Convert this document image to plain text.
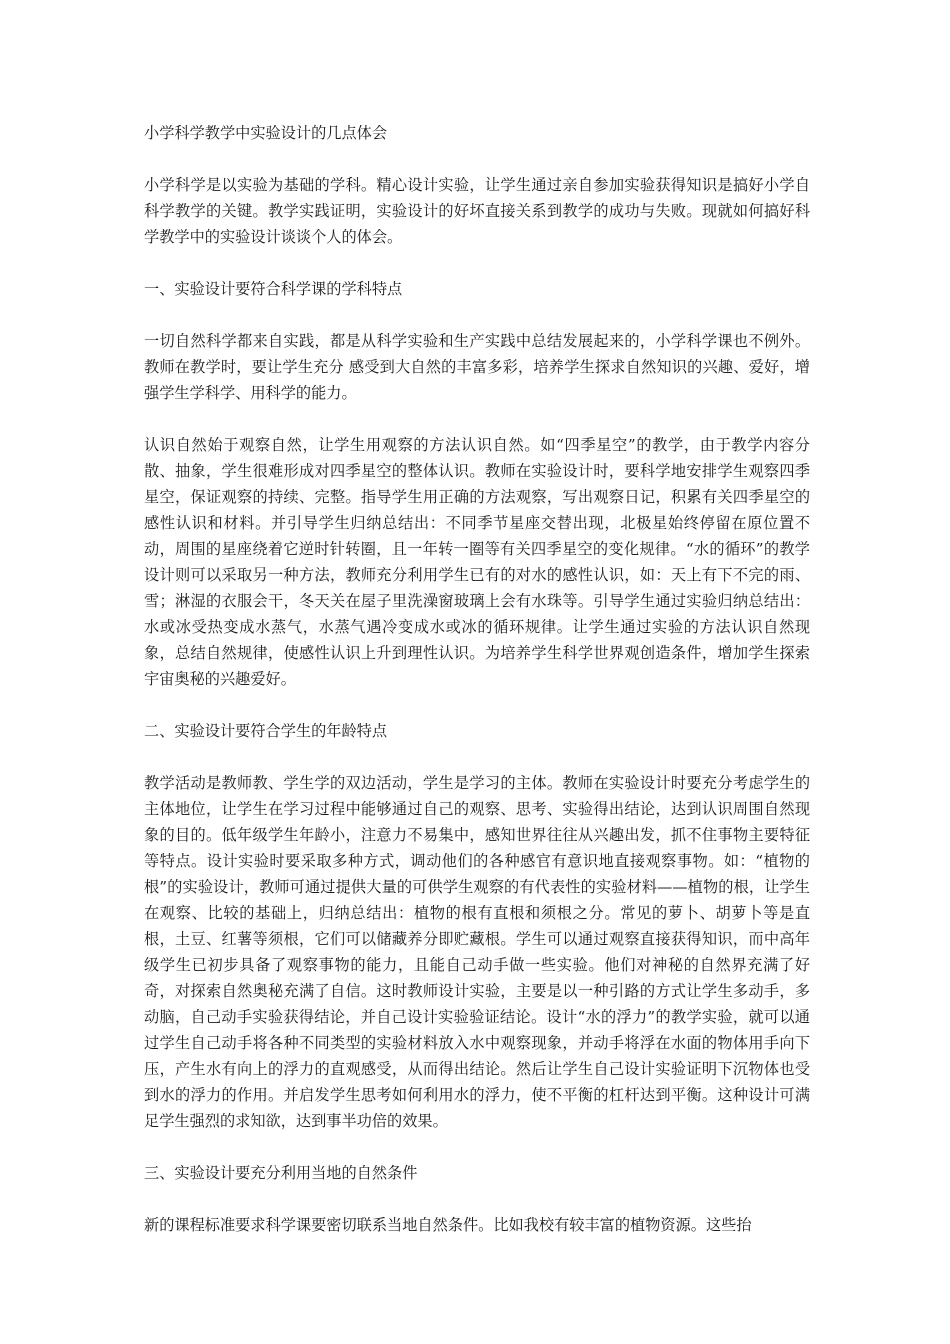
小学科学教学中实验设计的几点体会

小学科学是以实验为基础的学科。精心设计实验，让学生通过亲自参加实验获得知识是搞好小学自科学教学的关键。教学实践证明，实验设计的好坏直接关系到教学的成功与失败。现就如何搞好科学教学中的实验设计谈谈个人的体会。

一、实验设计要符合科学课的学科特点

一切自然科学都来自实践，都是从科学实验和生产实践中总结发展起来的，小学科学课也不例外。教师在教学时，要让学生充分 感受到大自然的丰富多彩，培养学生探求自然知识的兴趣、爱好，增强学生学科学、用科学的能力。

认识自然始于观察自然，让学生用观察的方法认识自然。如“四季星空”的教学，由于教学内容分散、抽象，学生很难形成对四季星空的整体认识。教师在实验设计时，要科学地安排学生观察四季星空，保证观察的持续、完整。指导学生用正确的方法观察，写出观察日记，积累有关四季星空的感性认识和材料。并引导学生归纳总结出：不同季节星座交替出现，北极星始终停留在原位置不动，周围的星座绕着它逆时针转圈，且一年转一圈等有关四季星空的变化规律。“水的循环”的教学设计则可以采取另一种方法，教师充分利用学生已有的对水的感性认识，如：天上有下不完的雨、雪；淋湿的衣服会干，冬天关在屋子里洗澡窗玻璃上会有水珠等。引导学生通过实验归纳总结出：水或冰受热变成水蒸气，水蒸气遇冷变成水或冰的循环规律。让学生通过实验的方法认识自然现象，总结自然规律，使感性认识上升到理性认识。为培养学生科学世界观创造条件，增加学生探索宇宙奥秘的兴趣爱好。

二、实验设计要符合学生的年龄特点

教学活动是教师教、学生学的双边活动，学生是学习的主体。教师在实验设计时要充分考虑学生的主体地位，让学生在学习过程中能够通过自己的观察、思考、实验得出结论，达到认识周围自然现象的目的。低年级学生年龄小，注意力不易集中，感知世界往往从兴趣出发，抓不住事物主要特征等特点。设计实验时要采取多种方式，调动他们的各种感官有意识地直接观察事物。如：“植物的根”的实验设计，教师可通过提供大量的可供学生观察的有代表性的实验材料——植物的根，让学生在观察、比较的基础上，归纳总结出：植物的根有直根和须根之分。常见的萝卜、胡萝卜等是直根，土豆、红薯等须根，它们可以储藏养分即贮藏根。学生可以通过观察直接获得知识，而中高年级学生已初步具备了观察事物的能力，且能自己动手做一些实验。他们对神秘的自然界充满了好奇，对探索自然奥秘充满了自信。这时教师设计实验，主要是以一种引路的方式让学生多动手，多动脑，自己动手实验获得结论，并自己设计实验验证结论。设计“水的浮力”的教学实验，就可以通过学生自己动手将各种不同类型的实验材料放入水中观察现象，并动手将浮在水面的物体用手向下压，产生水有向上的浮力的直观感受，从而得出结论。然后让学生自己设计实验证明下沉物体也受到水的浮力的作用。并启发学生思考如何利用水的浮力，使不平衡的杠杆达到平衡。这种设计可满足学生强烈的求知欲，达到事半功倍的效果。

三、实验设计要充分利用当地的自然条件

新的课程标准要求科学课要密切联系当地自然条件。比如我校有较丰富的植物资源。这些抬
